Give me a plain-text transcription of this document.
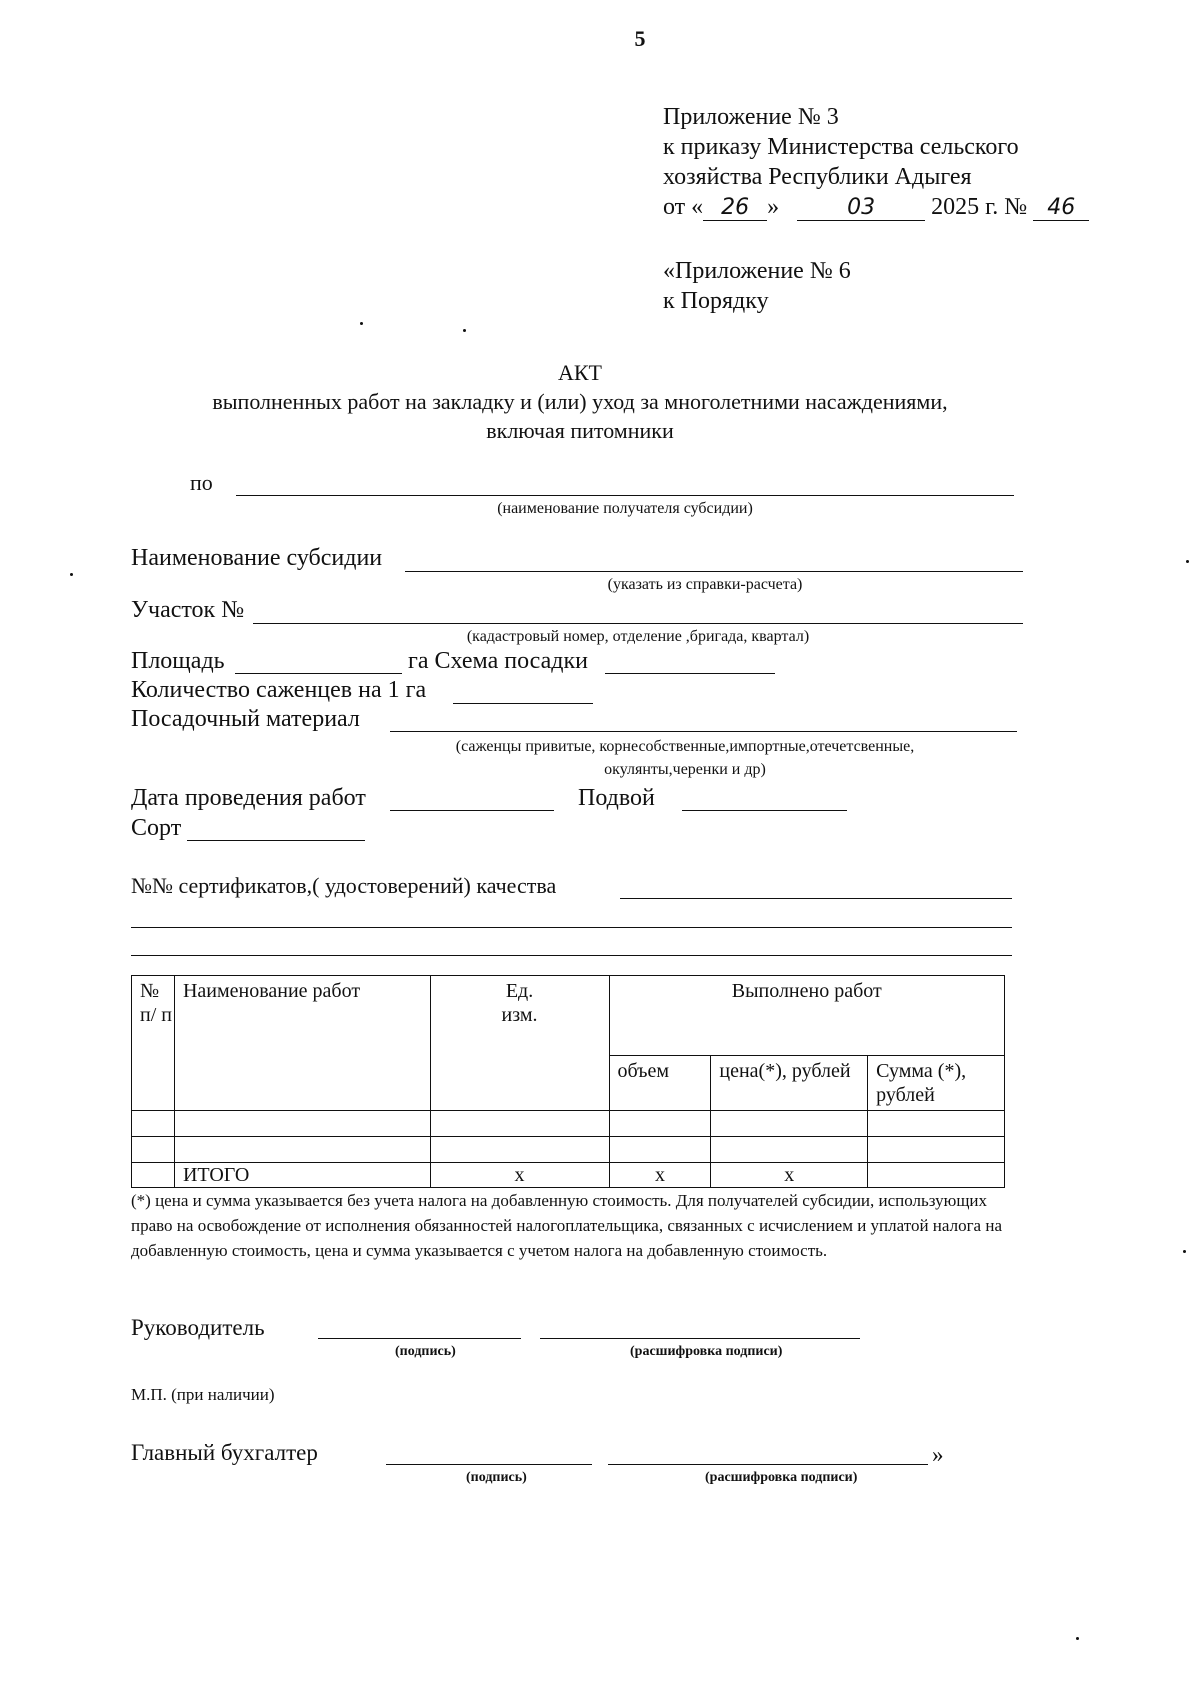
5
Приложение № 3
к приказу Министерства сельского
хозяйства Республики Адыгея
от « 26 »	03 2025 г. № 46
«Приложение № 6
к Порядку
АКТ
выполненных работ на закладку и (или) уход за многолетними насаждениями,
включая питомники
по
(наименование получателя субсидии)
Наименование субсидии
(указать из справки-расчета)
Участок №
(кадастровый номер, отделение ,бригада, квартал)
Площадь	га Схема посадки
Количество саженцев на 1 га
Посадочный материал
(саженцы привитые, корнесобственные,импортные,отечетсвенные,
окулянты,черенки и др)
Дата проведения работ	Подвой
Сорт
№№ сертификатов,( удостоверений) качества
№ п/ п	Наименование работ	Ед. изм.	Выполнено работ		
			объем	цена(*), рублей	Сумма (*), рублей

	ИТОГО	х	х	х	
(*) цена и сумма указывается без учета налога на добавленную стоимость. Для получателей субсидии, использующих право на освобождение от исполнения обязанностей налогоплательщика, связанных с исчислением и уплатой налога на добавленную стоимость, цена и сумма указывается с учетом налога на добавленную стоимость.
Руководитель
(подпись)	(расшифровка подписи)
М.П. (при наличии)
Главный бухгалтер	»
(подпись)	(расшифровка подписи)
